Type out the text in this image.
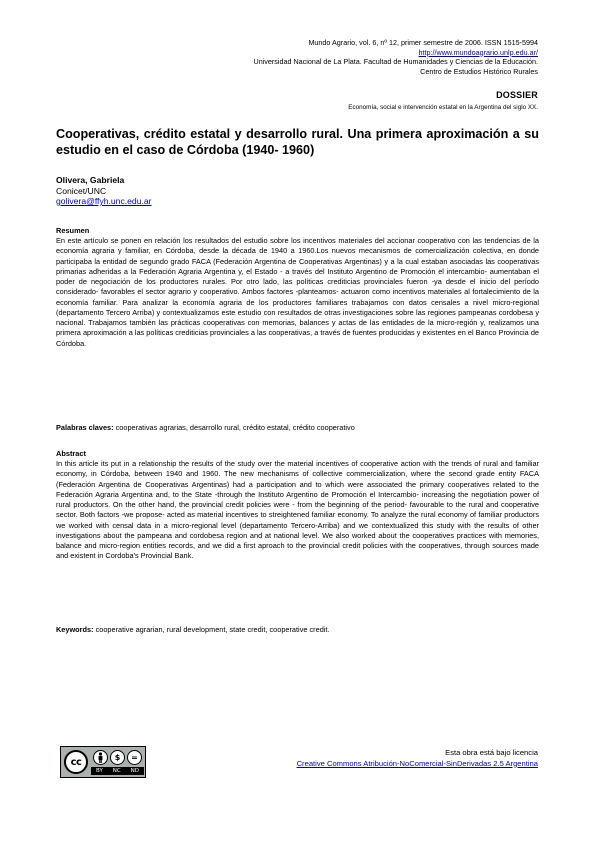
Mundo Agrario, vol. 6, nº 12, primer semestre de 2006. ISSN 1515-5994
http://www.mundoagrario.unlp.edu.ar/
Universidad Nacional de La Plata. Facultad de Humanidades y Ciencias de la Educación.
Centro de Estudios Histórico Rurales
DOSSIER
Economía, social e intervención estatal en la Argentina del siglo XX.
Cooperativas, crédito estatal y desarrollo rural. Una primera aproximación a su estudio en el caso de Córdoba (1940- 1960)
Olivera, Gabriela
Conicet/UNC
golivera@ffyh.unc.edu.ar
Resumen
En este artículo se ponen en relación los resultados del estudio sobre los incentivos materiales del accionar cooperativo con las tendencias de la economía agraria y familiar, en Córdoba, desde la década de 1940 a 1960.Los nuevos mecanismos de comercialización colectiva, en donde participaba la entidad de segundo grado FACA (Federación Argentina de Cooperativas Argentinas) y a la cual estaban asociadas las cooperativas primarias adheridas a la Federación Agraria Argentina y, el Estado - a través del Instituto Argentino de Promoción el intercambio- aumentaban el poder de negociación de los productores rurales. Por otro lado, las políticas crediticias provinciales fueron -ya desde el inicio del período considerado- favorables el sector agrario y cooperativo. Ambos factores -planteamos- actuaron como incentivos materiales al fortalecimiento de la economía familiar. Para analizar la economía agraria de los productores familiares trabajamos con datos censales a nivel micro-regional (departamento Tercero Arriba) y contextualizamos este estudio con resultados de otras investigaciones sobre las regiones pampeanas cordobesa y nacional. Trabajamos también las prácticas cooperativas con memorias, balances y actas de las entidades de la micro-región y, realizamos una primera aproximación a las políticas crediticias provinciales a las cooperativas, a través de fuentes producidas y existentes en el Banco Provincia de Córdoba.
Palabras claves: cooperativas agrarias, desarrollo rural, crédito estatal, crédito cooperativo
Abstract
In this article its put in a relationship the results of the study over the material incentives of cooperative action with the trends of rural and familiar economy, in Córdoba, between 1940 and 1960. The new mechanisms of collective commercialization, where the second grade entity FACA (Federación Argentina de Cooperativas Argentinas) had a participation and to which were associated the primary cooperatives related to the Federación Agraria Argentina and, to the State -through the Instituto Argentino de Promoción el Intercambio- increasing the negotiation power of rural productors. On the other hand, the provincial credit policies were - from the beginning of the period- favourable to the rural and cooperative sector. Both factors -we propose- acted as material incentives to streightened familiar economy. To analyze the rural economy of familiar productors we worked with censal data in a micro-regional level (departamento Tercero-Arriba) and we contextualized this study with the results of other investigations about the pampeana and cordobesa region and at national level. We also worked about the cooperatives practices with memories, balance and micro-region entities records, and we did a first aproach to the provincial credit policies with the cooperatives, through sources made and existent in Cordoba's Provincial Bank.
Keywords: cooperative agrarian, rural development, state credit, cooperative credit.
cc	$	=
BY NC ND
Esta obra está bajo licencia
Creative Commons Atribución-NoComercial-SinDerivadas 2.5 Argentina
